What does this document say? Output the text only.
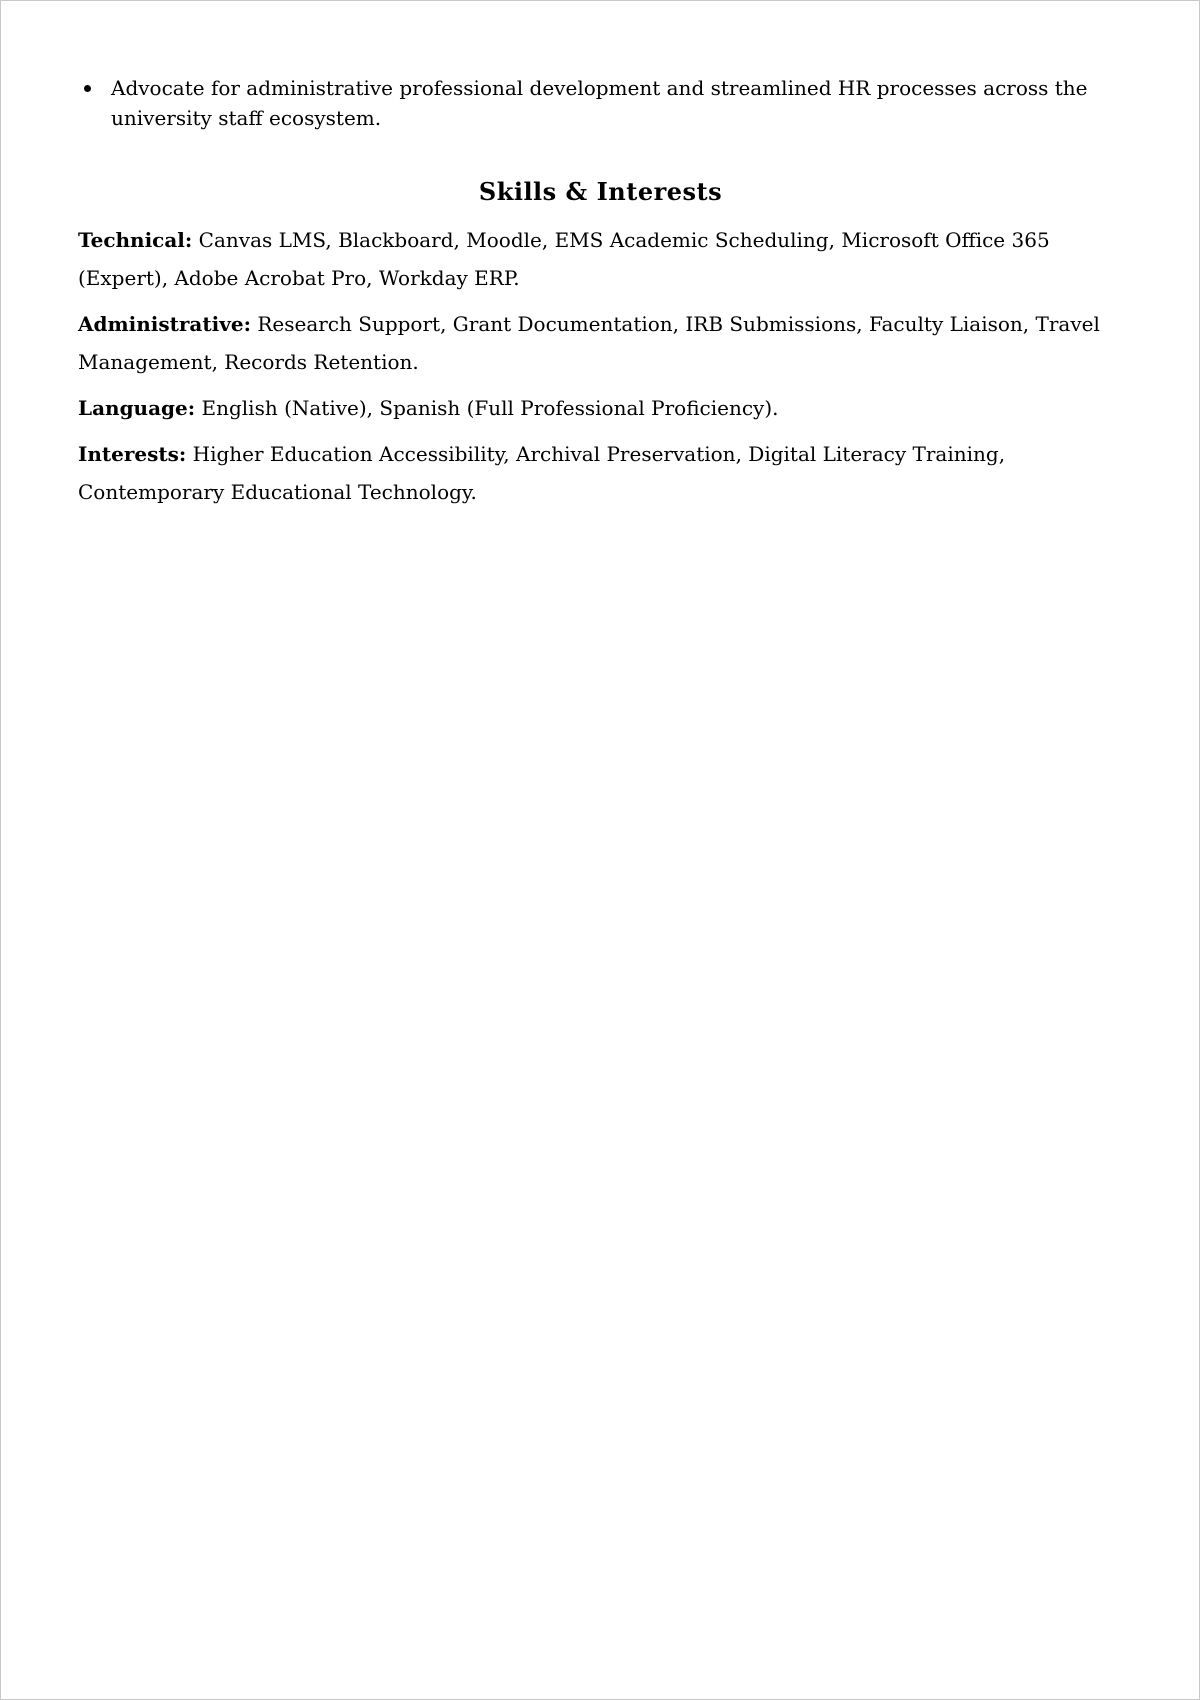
Advocate for administrative professional development and streamlined HR processes across the university staff ecosystem.
Skills & Interests

Technical: Canvas LMS, Blackboard, Moodle, EMS Academic Scheduling, Microsoft Office 365 (Expert), Adobe Acrobat Pro, Workday ERP.

Administrative: Research Support, Grant Documentation, IRB Submissions, Faculty Liaison, Travel Management, Records Retention.

Language: English (Native), Spanish (Full Professional Proficiency).

Interests: Higher Education Accessibility, Archival Preservation, Digital Literacy Training, Contemporary Educational Technology.
